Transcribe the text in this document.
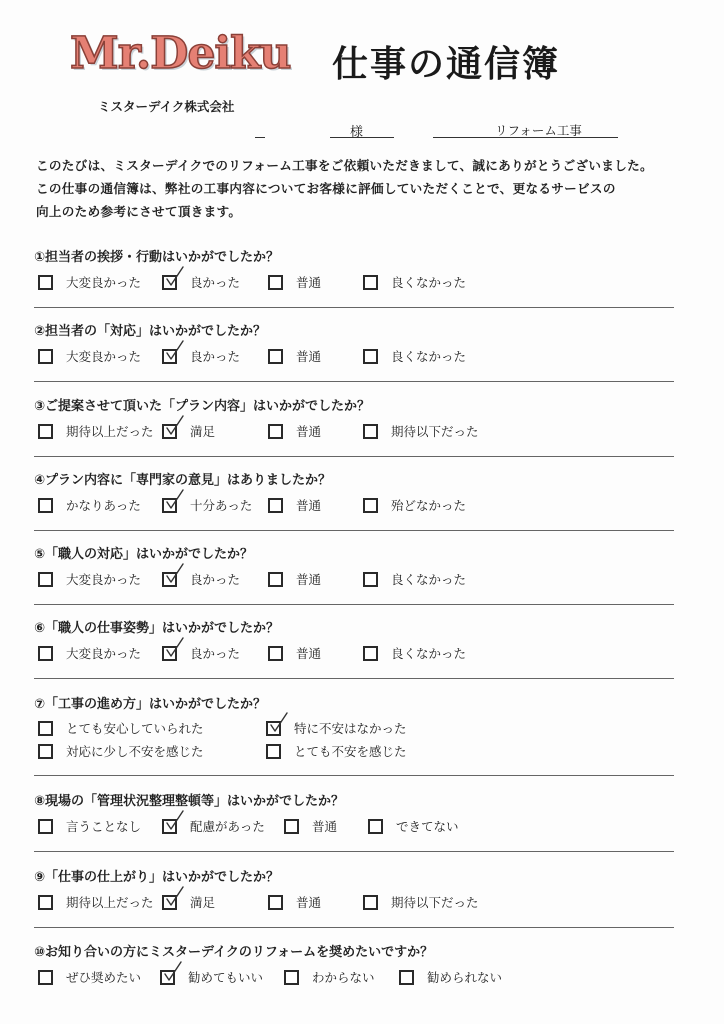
Mr.Deiku 仕事の通信簿
ミスターデイク株式会社
様	リフォーム工事
このたびは、ミスターデイクでのリフォーム工事をご依頼いただきまして、誠にありがとうございました。
この仕事の通信簿は、弊社の工事内容についてお客様に評価していただくことで、更なるサービスの
向上のため参考にさせて頂きます。
①担当者の挨拶・行動はいかがでしたか？
大変良かった	良かった	普通	良くなかった
②担当者の「対応」はいかがでしたか？
大変良かった	良かった	普通	良くなかった
③ご提案させて頂いた「プラン内容」はいかがでしたか？
期待以上だった	満足	普通	期待以下だった
④プラン内容に「専門家の意見」はありましたか？
かなりあった	十分あった	普通	殆どなかった
⑤「職人の対応」はいかがでしたか？
大変良かった	良かった	普通	良くなかった
⑥「職人の仕事姿勢」はいかがでしたか？
大変良かった	良かった	普通	良くなかった
⑦「工事の進め方」はいかがでしたか？
とても安心していられた	特に不安はなかった
対応に少し不安を感じた	とても不安を感じた
⑧現場の「管理状況整理整頓等」はいかがでしたか？
言うことなし	配慮があった	普通	できてない
⑨「仕事の仕上がり」はいかがでしたか？
期待以上だった	満足	普通	期待以下だった
⑩お知り合いの方にミスターデイクのリフォームを奨めたいですか？
ぜひ奨めたい	勧めてもいい	わからない	勧められない
